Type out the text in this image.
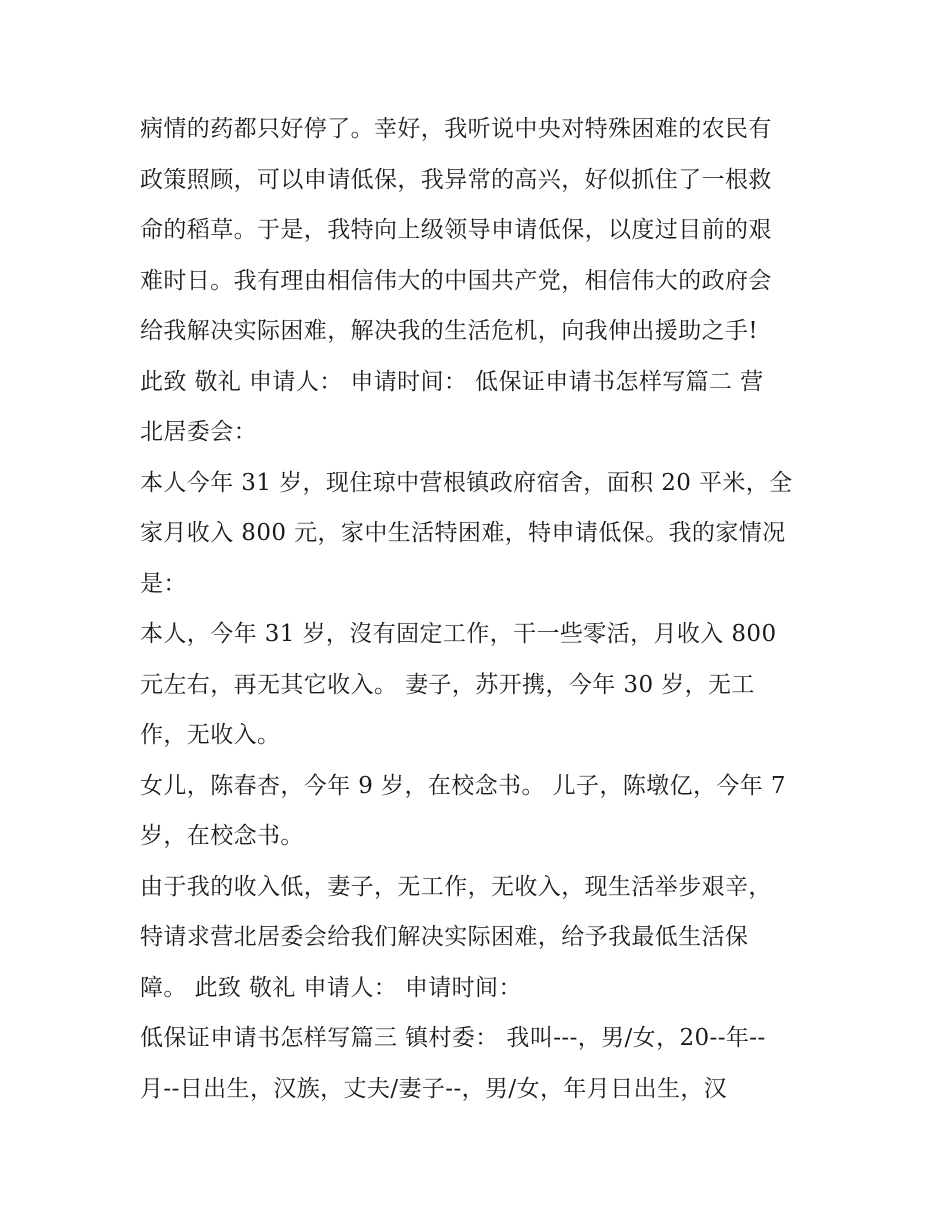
病情的药都只好停了。幸好，我听说中央对特殊困难的农民有
政策照顾，可以申请低保，我异常的高兴，好似抓住了一根救
命的稻草。于是，我特向上级领导申请低保，以度过目前的艰
难时日。我有理由相信伟大的中国共产党，相信伟大的政府会
给我解决实际困难，解决我的生活危机，向我伸出援助之手!
此致 敬礼 申请人： 申请时间： 低保证申请书怎样写篇二 营
北居委会：
本人今年 31 岁，现住琼中营根镇政府宿舍，面积 20 平米，全
家月收入 800 元，家中生活特困难，特申请低保。我的家情况
是：
本人，今年 31 岁，沒有固定工作，干一些零活，月收入 800
元左右，再无其它收入。 妻子，苏开携，今年 30 岁，无工
作，无收入。
女儿，陈春杏，今年 9 岁，在校念书。 儿子，陈墩亿，今年 7
岁，在校念书。
由于我的收入低，妻子，无工作，无收入，现生活举步艰辛，
特请求营北居委会给我们解决实际困难，给予我最低生活保
障。 此致 敬礼 申请人： 申请时间：
低保证申请书怎样写篇三 镇村委： 我叫---，男/女，20--年--
月--日出生，汉族，丈夫/妻子--，男/女，年月日出生，汉
